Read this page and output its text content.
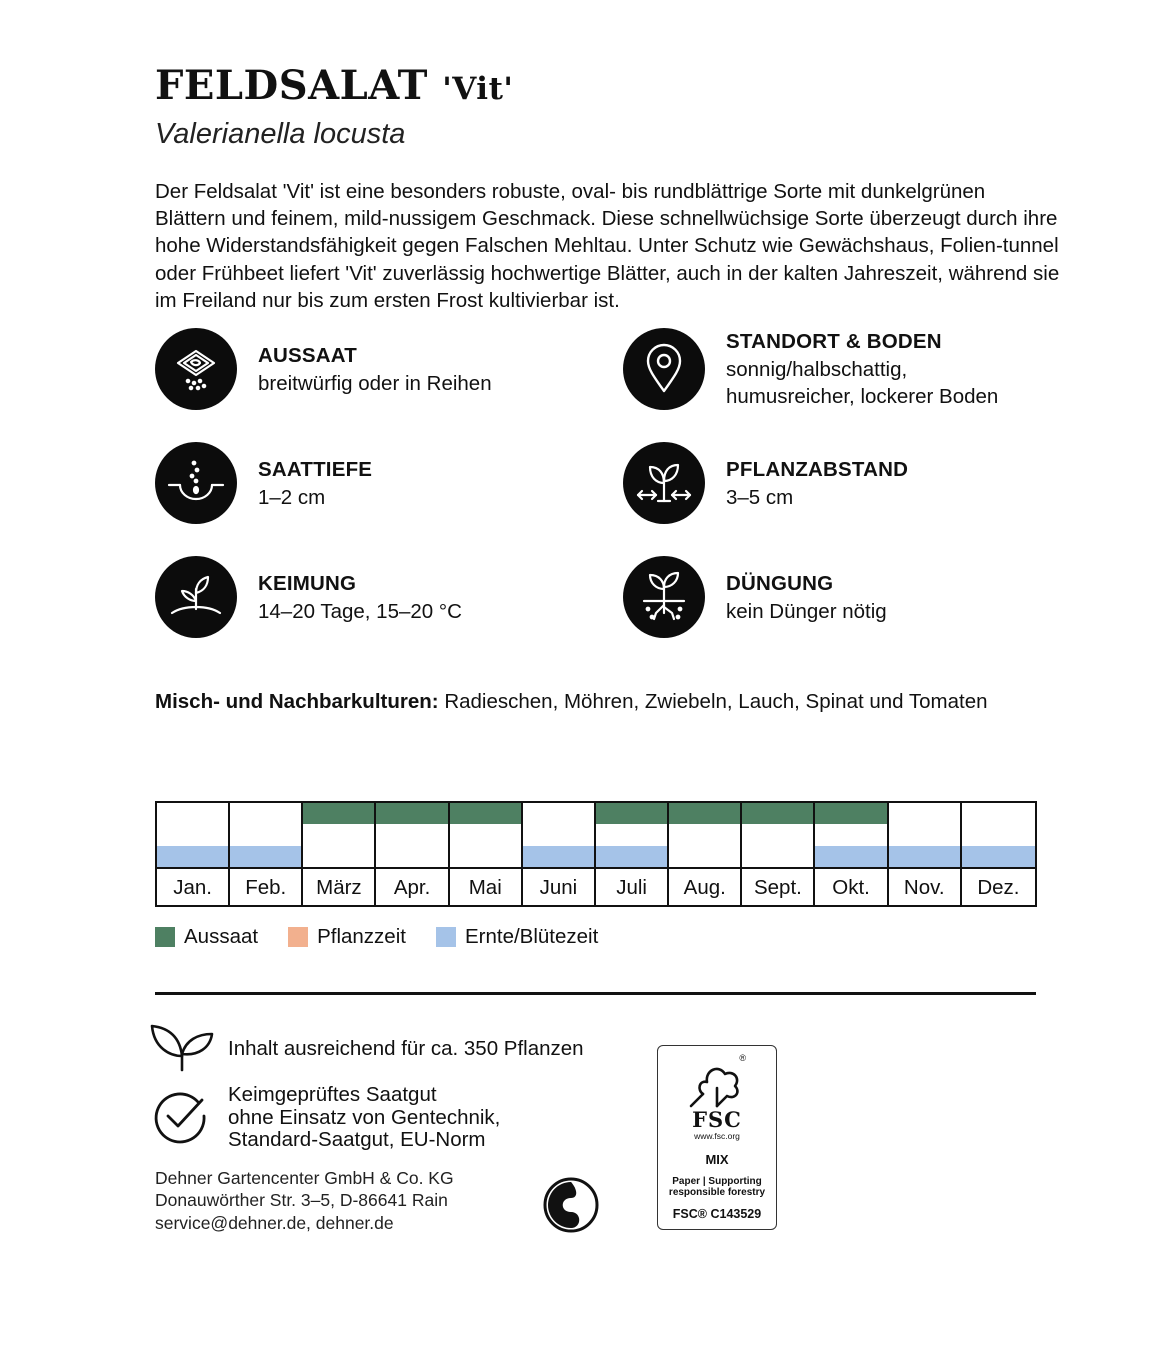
FELDSALAT 'Vit'
Valerianella locusta

Der Feldsalat 'Vit' ist eine besonders robuste, oval- bis rundblättrige Sorte mit dunkelgrünen Blättern und feinem, mild-nussigem Geschmack. Diese schnellwüchsige Sorte überzeugt durch ihre hohe Widerstandsfähigkeit gegen Falschen Mehltau. Unter Schutz wie Gewächshaus, Folien-tunnel oder Frühbeet liefert 'Vit' zuverlässig hochwertige Blätter, auch in der kalten Jahreszeit, während sie im Freiland nur bis zum ersten Frost kultivierbar ist.

AUSSAAT
breitwürfig oder in Reihen
STANDORT & BODEN
sonnig/halbschattig,
humusreicher, lockerer Boden
SAATTIEFE
1–2 cm
PFLANZABSTAND
3–5 cm
KEIMUNG
14–20 Tage, 15–20 °C
DÜNGUNG
kein Dünger nötig
Misch- und Nachbarkulturen: Radieschen, Möhren, Zwiebeln, Lauch, Spinat und Tomaten
Jan.	Feb.	März	Apr.	Mai	Juni	Juli	Aug.	Sept.	Okt.	Nov.	Dez.
Aussaat	Pflanzzeit	Ernte/Blütezeit
Inhalt ausreichend für ca. 350 Pflanzen
Keimgeprüftes Saatgut
ohne Einsatz von Gentechnik,
Standard-Saatgut, EU-Norm
Dehner Gartencenter GmbH & Co. KG
Donauwörther Str. 3–5, D-86641 Rain
service@dehner.de, dehner.de
®
FSC
www.fsc.org
MIX
Paper | Supporting
responsible forestry
FSC® C143529
